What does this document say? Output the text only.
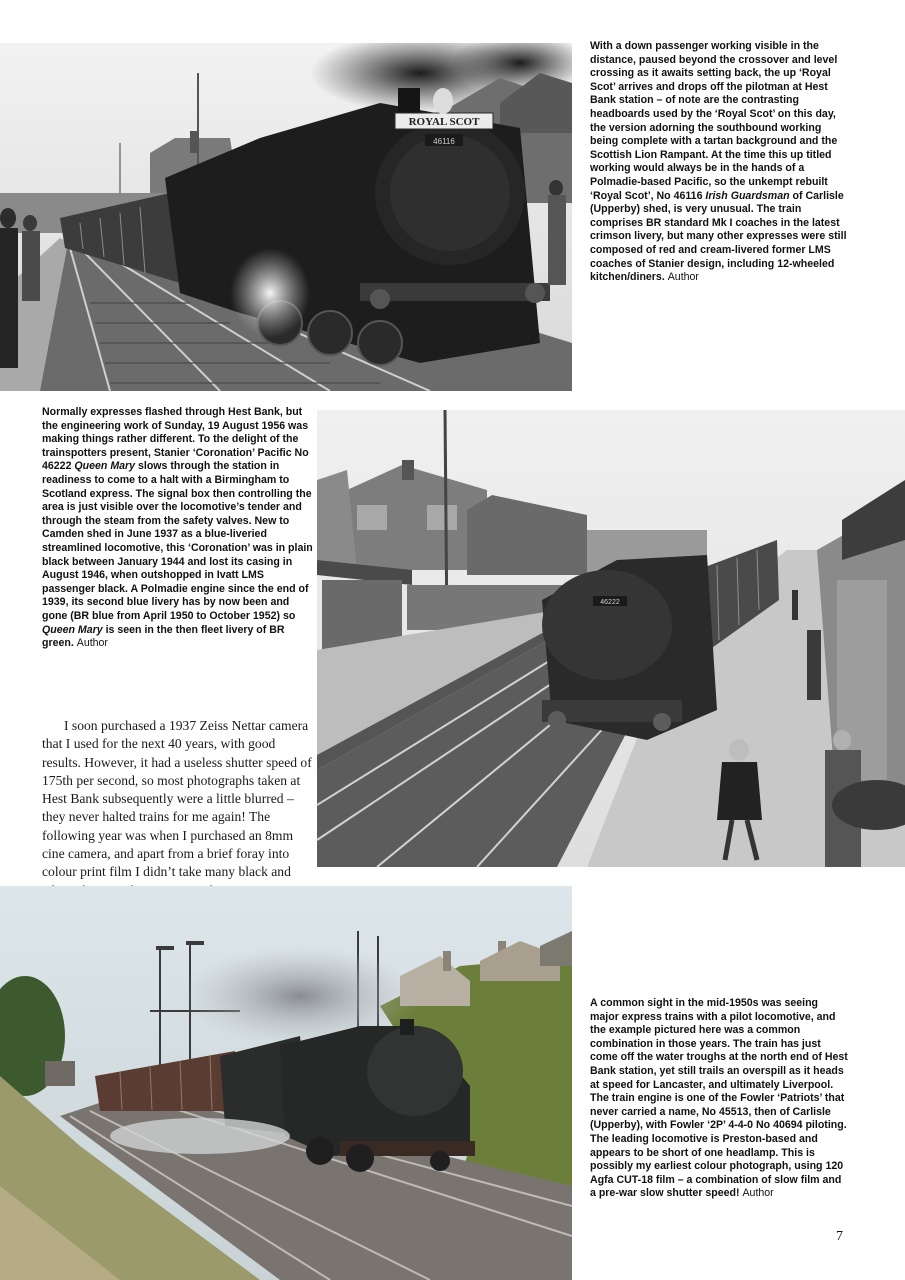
ROYAL SCOT
46116

With a down passenger working visible in the distance, paused beyond the crossover and level crossing as it awaits setting back, the up ‘Royal Scot’ arrives and drops off the pilotman at Hest Bank station – of note are the contrasting headboards used by the ‘Royal Scot’ on this day, the version adorning the southbound working being complete with a tartan background and the Scottish Lion Rampant. At the time this up titled working would always be in the hands of a Polmadie-based Pacific, so the unkempt rebuilt ‘Royal Scot’, No 46116 Irish Guardsman of Carlisle (Upperby) shed, is very unusual. The train comprises BR standard Mk I coaches in the latest crimson livery, but many other expresses were still composed of red and cream-livered former LMS coaches of Stanier design, including 12-wheeled kitchen/diners. Author

Normally expresses flashed through Hest Bank, but the engineering work of Sunday, 19 August 1956 was making things rather different. To the delight of the trainspotters present, Stanier ‘Coronation’ Pacific No 46222 Queen Mary slows through the station in readiness to come to a halt with a Birmingham to Scotland express. The signal box then controlling the area is just visible over the locomotive’s tender and through the steam from the safety valves. New to Camden shed in June 1937 as a blue-liveried streamlined locomotive, this ‘Coronation’ was in plain black between January 1944 and lost its casing in August 1946, when outshopped in Ivatt LMS passenger black. A Polmadie engine since the end of 1939, its second blue livery has by now been and gone (BR blue from April 1950 to October 1952) so Queen Mary is seen in the then fleet livery of BR green. Author

46222

I soon purchased a 1937 Zeiss Nettar camera that I used for the next 40 years, with good results. However, it had a useless shutter speed of 175th per second, so most photographs taken at Hest Bank subsequently were a little blurred – they never halted trains for me again! The following year was when I purchased an 8mm cine camera, and apart from a brief foray into colour print film I didn’t take many black and

A common sight in the mid-1950s was seeing major express trains with a pilot locomotive, and the example pictured here was a common combination in those years. The train has just come off the water troughs at the north end of Hest Bank station, yet still trails an overspill as it heads at speed for Lancaster, and ultimately Liverpool. The train engine is one of the Fowler ‘Patriots’ that never carried a name, No 45513, then of Carlisle (Upperby), with Fowler ‘2P’ 4-4-0 No 40694 piloting. The leading locomotive is Preston-based and appears to be short of one headlamp. This is possibly my earliest colour photograph, using 120 Agfa CUT-18 film – a combination of slow film and a pre-war slow shutter speed! Author

7
